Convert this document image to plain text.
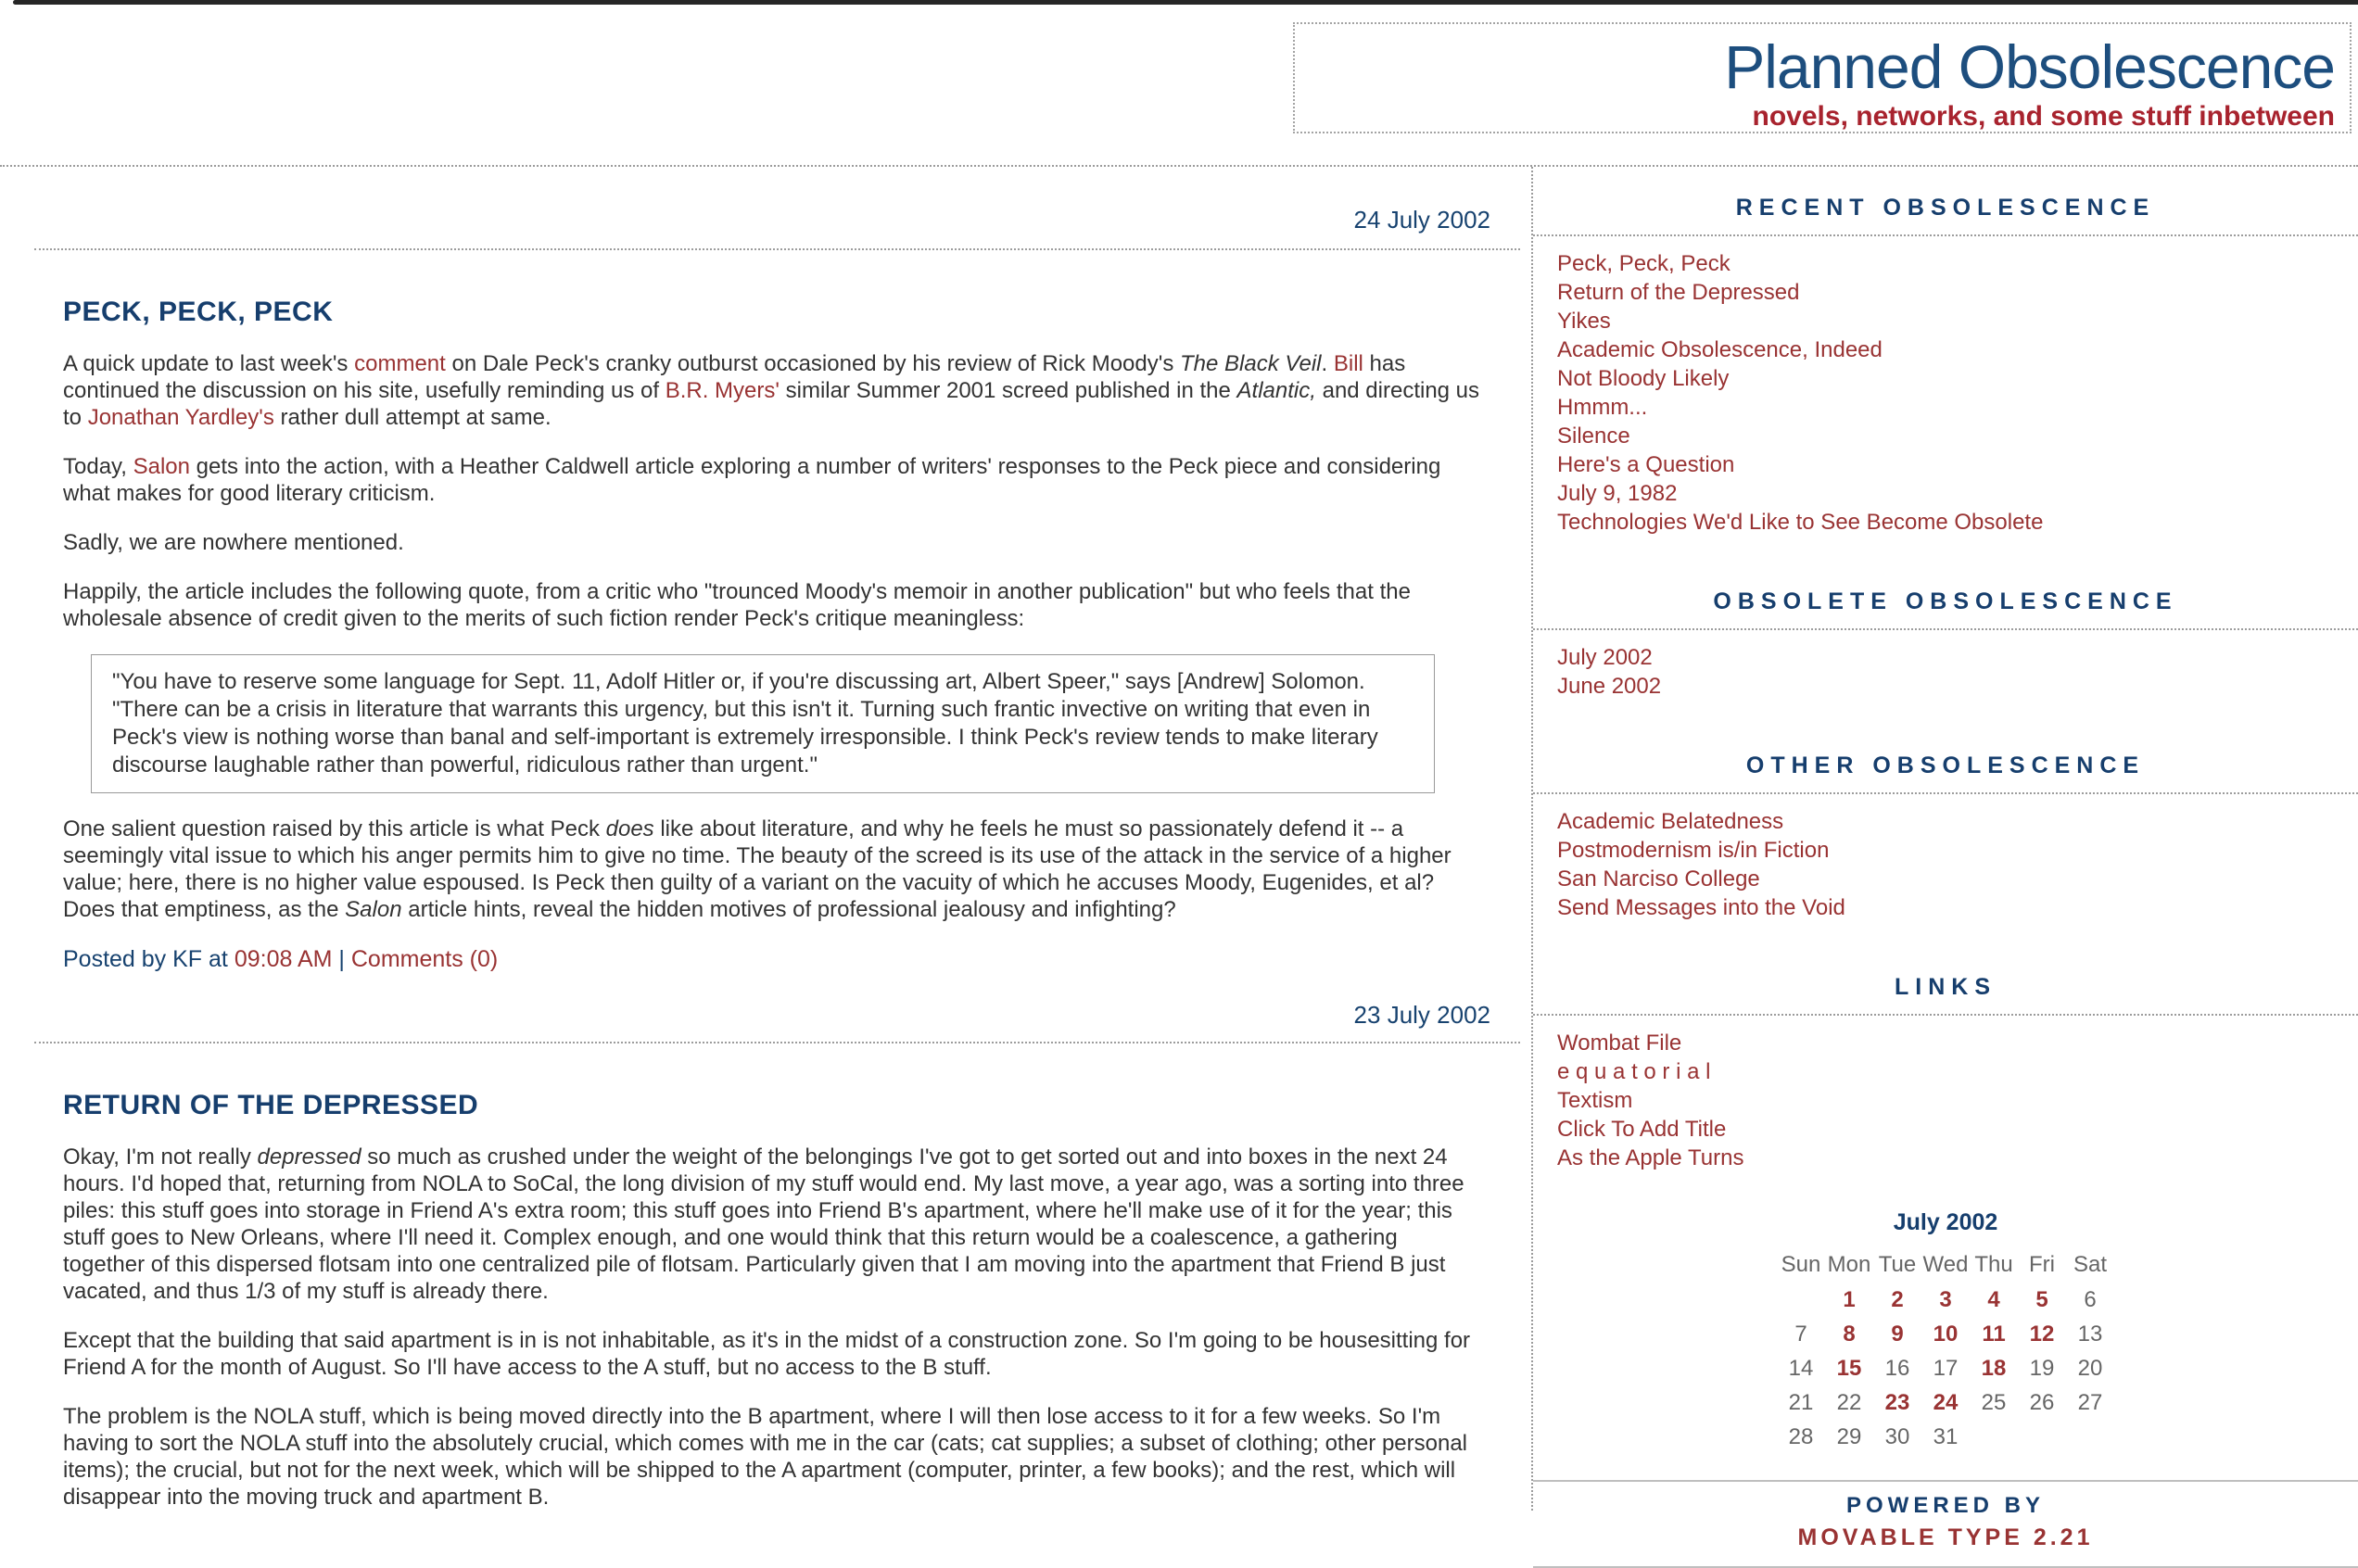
Planned Obsolescence
novels, networks, and some stuff inbetween
24 July 2002
PECK, PECK, PECK

A quick update to last week's comment on Dale Peck's cranky outburst occasioned by his review of Rick Moody's The Black Veil. Bill has continued the discussion on his site, usefully reminding us of B.R. Myers' similar Summer 2001 screed published in the Atlantic, and directing us to Jonathan Yardley's rather dull attempt at same.

Today, Salon gets into the action, with a Heather Caldwell article exploring a number of writers' responses to the Peck piece and considering what makes for good literary criticism.

Sadly, we are nowhere mentioned.

Happily, the article includes the following quote, from a critic who "trounced Moody's memoir in another publication" but who feels that the wholesale absence of credit given to the merits of such fiction render Peck's critique meaningless:

"You have to reserve some language for Sept. 11, Adolf Hitler or, if you're discussing art, Albert Speer," says [Andrew] Solomon. "There can be a crisis in literature that warrants this urgency, but this isn't it. Turning such frantic invective on writing that even in Peck's view is nothing worse than banal and self-important is extremely irresponsible. I think Peck's review tends to make literary discourse laughable rather than powerful, ridiculous rather than urgent."

One salient question raised by this article is what Peck does like about literature, and why he feels he must so passionately defend it -- a seemingly vital issue to which his anger permits him to give no time. The beauty of the screed is its use of the attack in the service of a higher value; here, there is no higher value espoused. Is Peck then guilty of a variant on the vacuity of which he accuses Moody, Eugenides, et al? Does that emptiness, as the Salon article hints, reveal the hidden motives of professional jealousy and infighting?

Posted by KF at 09:08 AM | Comments (0)
23 July 2002
RETURN OF THE DEPRESSED

Okay, I'm not really depressed so much as crushed under the weight of the belongings I've got to get sorted out and into boxes in the next 24 hours. I'd hoped that, returning from NOLA to SoCal, the long division of my stuff would end. My last move, a year ago, was a sorting into three piles: this stuff goes into storage in Friend A's extra room; this stuff goes into Friend B's apartment, where he'll make use of it for the year; this stuff goes to New Orleans, where I'll need it. Complex enough, and one would think that this return would be a coalescence, a gathering together of this dispersed flotsam into one centralized pile of flotsam. Particularly given that I am moving into the apartment that Friend B just vacated, and thus 1/3 of my stuff is already there.

Except that the building that said apartment is in is not inhabitable, as it's in the midst of a construction zone. So I'm going to be housesitting for Friend A for the month of August. So I'll have access to the A stuff, but no access to the B stuff.

The problem is the NOLA stuff, which is being moved directly into the B apartment, where I will then lose access to it for a few weeks. So I'm having to sort the NOLA stuff into the absolutely crucial, which comes with me in the car (cats; cat supplies; a subset of clothing; other personal items); the crucial, but not for the next week, which will be shipped to the A apartment (computer, printer, a few books); and the rest, which will disappear into the moving truck and apartment B.

RECENT OBSOLESCENCE
Peck, Peck, Peck
Return of the Depressed
Yikes
Academic Obsolescence, Indeed
Not Bloody Likely
Hmmm...
Silence
Here's a Question
July 9, 1982
Technologies We'd Like to See Become Obsolete
OBSOLETE OBSOLESCENCE
July 2002
June 2002
OTHER OBSOLESCENCE
Academic Belatedness
Postmodernism is/in Fiction
San Narciso College
Send Messages into the Void
LINKS
Wombat File
e q u a t o r i a l
Textism
Click To Add Title
As the Apple Turns
July 2002
Sun	Mon	Tue	Wed	Thu	Fri	Sat
	1	2	3	4	5	6
7	8	9	10	11	12	13
14	15	16	17	18	19	20
21	22	23	24	25	26	27
28	29	30	31			
POWERED BY
MOVABLE TYPE 2.21
